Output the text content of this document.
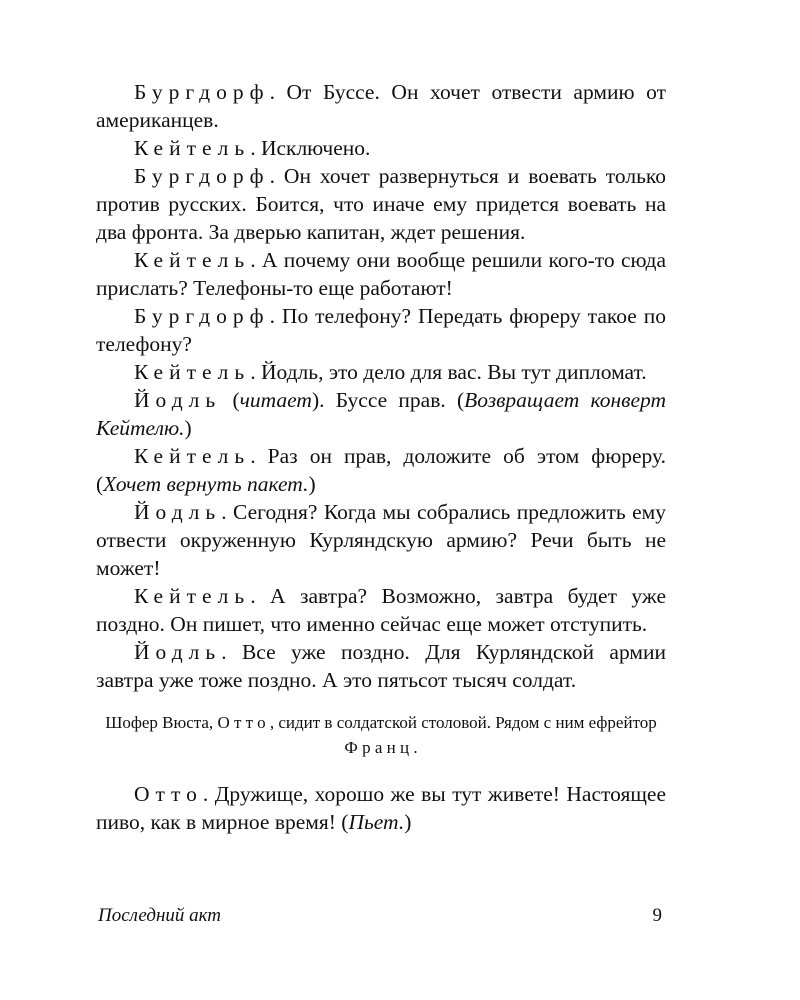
Бургдорф. От Буссе. Он хочет отвести армию от американцев.

Кейтель. Исключено.

Бургдорф. Он хочет развернуться и воевать только против русских. Боится, что иначе ему придется воевать на два фронта. За дверью капитан, ждет решения.

Кейтель. А почему они вообще решили кого-то сюда прислать? Телефоны-то еще работают!

Бургдорф. По телефону? Передать фюреру такое по телефону?

Кейтель. Йодль, это дело для вас. Вы тут дипломат.

Йодль (читает). Буссе прав. (Возвращает конверт Кейтелю.)

Кейтель. Раз он прав, доложите об этом фюреру. (Хочет вернуть пакет.)

Йодль. Сегодня? Когда мы собрались предложить ему отвести окруженную Курляндскую армию? Речи быть не может!

Кейтель. А завтра? Возможно, завтра будет уже поздно. Он пишет, что именно сейчас еще может отступить.

Йодль. Все уже поздно. Для Курляндской армии завтра уже тоже поздно. А это пятьсот тысяч солдат.

Шофер Вюста, Отто, сидит в солдатской столовой. Рядом с ним ефрейтор Франц.

Отто. Дружище, хорошо же вы тут живете! Настоящее пиво, как в мирное время! (Пьет.)

Последний акт	9
